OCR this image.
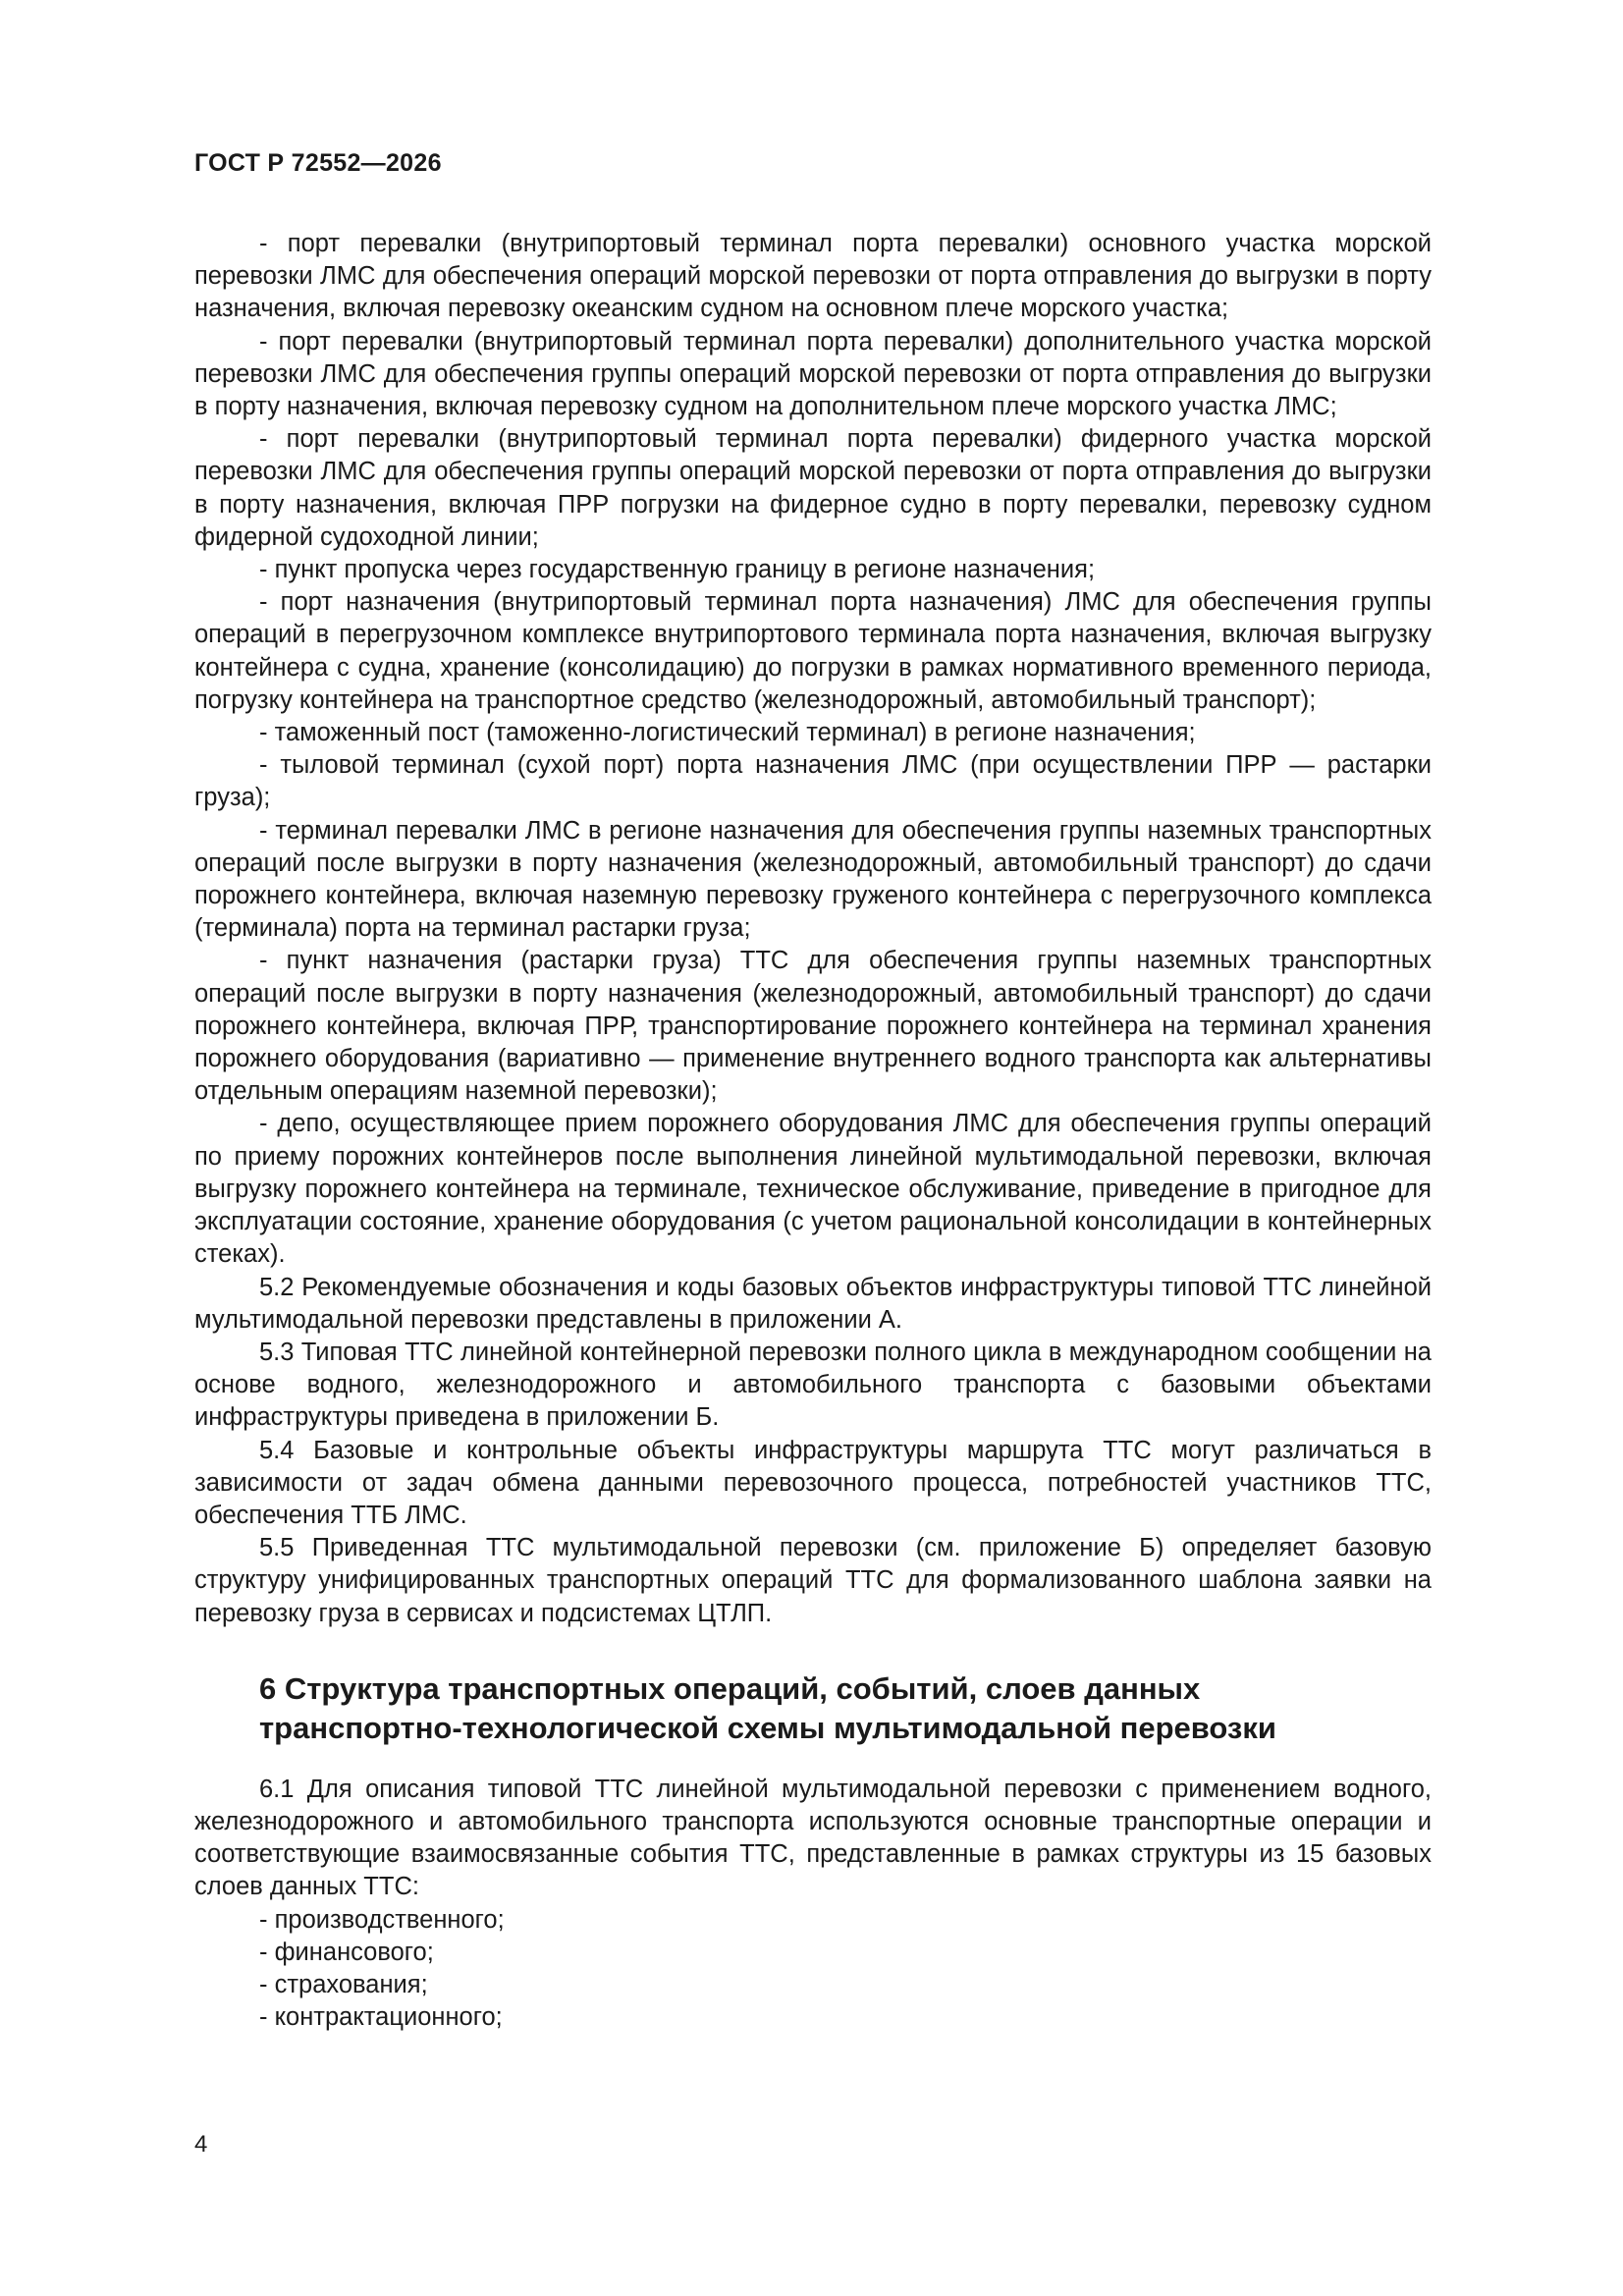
ГОСТ Р 72552—2026

- порт перевалки (внутрипортовый терминал порта перевалки) основного участка морской перевозки ЛМС для обеспечения операций морской перевозки от порта отправления до выгрузки в порту назначения, включая перевозку океанским судном на основном плече морского участка;

- порт перевалки (внутрипортовый терминал порта перевалки) дополнительного участка морской перевозки ЛМС для обеспечения группы операций морской перевозки от порта отправления до выгрузки в порту назначения, включая перевозку судном на дополнительном плече морского участка ЛМС;

- порт перевалки (внутрипортовый терминал порта перевалки) фидерного участка морской перевозки ЛМС для обеспечения группы операций морской перевозки от порта отправления до выгрузки в порту назначения, включая ПРР погрузки на фидерное судно в порту перевалки, перевозку судном фидерной судоходной линии;

- пункт пропуска через государственную границу в регионе назначения;

- порт назначения (внутрипортовый терминал порта назначения) ЛМС для обеспечения группы операций в перегрузочном комплексе внутрипортового терминала порта назначения, включая выгрузку контейнера с судна, хранение (консолидацию) до погрузки в рамках нормативного временного периода, погрузку контейнера на транспортное средство (железнодорожный, автомобильный транспорт);

- таможенный пост (таможенно-логистический терминал) в регионе назначения;

- тыловой терминал (сухой порт) порта назначения ЛМС (при осуществлении ПРР — растарки груза);

- терминал перевалки ЛМС в регионе назначения для обеспечения группы наземных транспортных операций после выгрузки в порту назначения (железнодорожный, автомобильный транспорт) до сдачи порожнего контейнера, включая наземную перевозку груженого контейнера с перегрузочного комплекса (терминала) порта на терминал растарки груза;

- пункт назначения (растарки груза) ТТС для обеспечения группы наземных транспортных операций после выгрузки в порту назначения (железнодорожный, автомобильный транспорт) до сдачи порожнего контейнера, включая ПРР, транспортирование порожнего контейнера на терминал хранения порожнего оборудования (вариативно — применение внутреннего водного транспорта как альтернативы отдельным операциям наземной перевозки);

- депо, осуществляющее прием порожнего оборудования ЛМС для обеспечения группы операций по приему порожних контейнеров после выполнения линейной мультимодальной перевозки, включая выгрузку порожнего контейнера на терминале, техническое обслуживание, приведение в пригодное для эксплуатации состояние, хранение оборудования (с учетом рациональной консолидации в контейнерных стеках).

5.2 Рекомендуемые обозначения и коды базовых объектов инфраструктуры типовой ТТС линейной мультимодальной перевозки представлены в приложении А.

5.3 Типовая ТТС линейной контейнерной перевозки полного цикла в международном сообщении на основе водного, железнодорожного и автомобильного транспорта с базовыми объектами инфраструктуры приведена в приложении Б.

5.4 Базовые и контрольные объекты инфраструктуры маршрута ТТС могут различаться в зависимости от задач обмена данными перевозочного процесса, потребностей участников ТТС, обеспечения ТТБ ЛМС.

5.5 Приведенная ТТС мультимодальной перевозки (см. приложение Б) определяет базовую структуру унифицированных транспортных операций ТТС для формализованного шаблона заявки на перевозку груза в сервисах и подсистемах ЦТЛП.

6 Структура транспортных операций, событий, слоев данных
транспортно-технологической схемы мультимодальной перевозки

6.1 Для описания типовой ТТС линейной мультимодальной перевозки с применением водного, железнодорожного и автомобильного транспорта используются основные транспортные операции и соответствующие взаимосвязанные события ТТС, представленные в рамках структуры из 15 базовых слоев данных ТТС:

- производственного;

- финансового;

- страхования;

- контрактационного;

4
